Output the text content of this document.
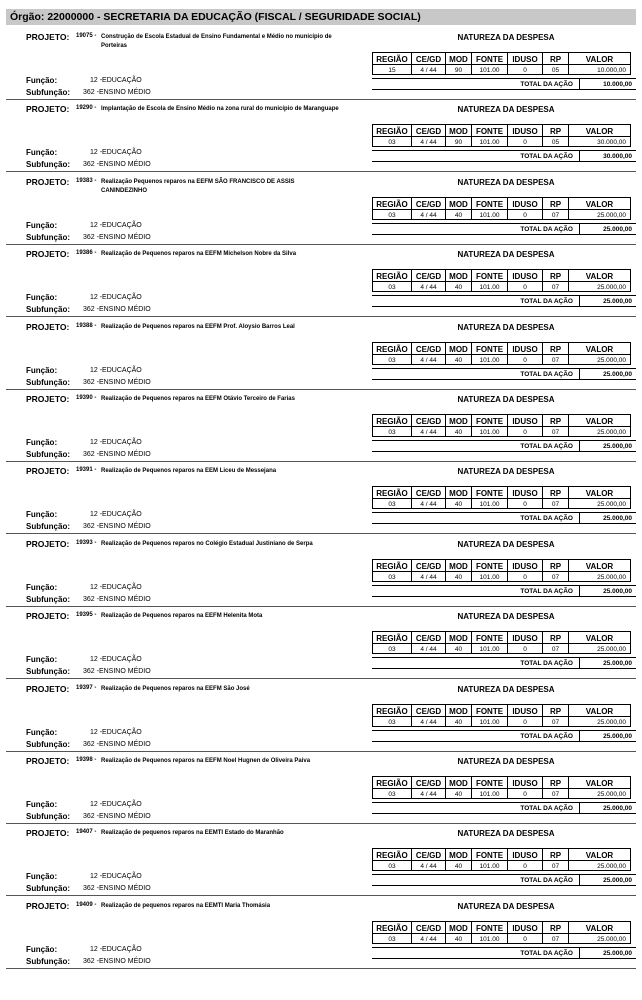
Órgão: 22000000 - SECRETARIA DA EDUCAÇÃO (FISCAL / SEGURIDADE SOCIAL)
PROJETO: 19075 - Construção de Escola Estadual de Ensino Fundamental e Médio no município de Porteiras
Função:	12 -EDUCAÇÃO
Subfunção: 362 -ENSINO MÉDIO
NATUREZA DA DESPESA
REGIÃO	CE/GD MOD	FONTE	IDUSO	RP	VALOR
15	4 / 44	90	101.00	0	05	10.000,00
TOTAL DA AÇÃO	10.000,00
PROJETO: 19290 - Implantação de Escola de Ensino Médio na zona rural do município de Maranguape
Função:	12 -EDUCAÇÃO
Subfunção: 362 -ENSINO MÉDIO
NATUREZA DA DESPESA
REGIÃO	CE/GD MOD	FONTE	IDUSO	RP	VALOR
03	4 / 44	90	101.00	0	05	30.000,00
TOTAL DA AÇÃO	30.000,00
PROJETO: 19383 - Realização Pequenos reparos na EEFM SÃO FRANCISCO DE ASSIS CANINDEZINHO
Função:	12 -EDUCAÇÃO
Subfunção: 362 -ENSINO MÉDIO
NATUREZA DA DESPESA
REGIÃO	CE/GD MOD	FONTE	IDUSO	RP	VALOR
03	4 / 44	40	101.00	0	07	25.000,00
TOTAL DA AÇÃO	25.000,00
PROJETO: 19386 - Realização de Pequenos reparos na EEFM Michelson Nobre da Silva
Função:	12 -EDUCAÇÃO
Subfunção: 362 -ENSINO MÉDIO
NATUREZA DA DESPESA
REGIÃO	CE/GD MOD	FONTE	IDUSO	RP	VALOR
03	4 / 44	40	101.00	0	07	25.000,00
TOTAL DA AÇÃO	25.000,00
PROJETO: 19388 - Realização de Pequenos reparos na EEFM Prof. Aloysio Barros Leal
Função:	12 -EDUCAÇÃO
Subfunção: 362 -ENSINO MÉDIO
NATUREZA DA DESPESA
REGIÃO	CE/GD MOD	FONTE	IDUSO	RP	VALOR
03	4 / 44	40	101.00	0	07	25.000,00
TOTAL DA AÇÃO	25.000,00
PROJETO: 19390 - Realização de Pequenos reparos na EEFM Otávio Terceiro de Farias
Função:	12 -EDUCAÇÃO
Subfunção: 362 -ENSINO MÉDIO
NATUREZA DA DESPESA
REGIÃO	CE/GD MOD	FONTE	IDUSO	RP	VALOR
03	4 / 44	40	101.00	0	07	25.000,00
TOTAL DA AÇÃO	25.000,00
PROJETO: 19391 - Realização de Pequenos reparos na EEM Liceu de Messejana
Função:	12 -EDUCAÇÃO
Subfunção: 362 -ENSINO MÉDIO
NATUREZA DA DESPESA
REGIÃO	CE/GD MOD	FONTE	IDUSO	RP	VALOR
03	4 / 44	40	101.00	0	07	25.000,00
TOTAL DA AÇÃO	25.000,00
PROJETO: 19393 - Realização de Pequenos reparos no Colégio Estadual Justiniano de Serpa
Função:	12 -EDUCAÇÃO
Subfunção: 362 -ENSINO MÉDIO
NATUREZA DA DESPESA
REGIÃO	CE/GD MOD	FONTE	IDUSO	RP	VALOR
03	4 / 44	40	101.00	0	07	25.000,00
TOTAL DA AÇÃO	25.000,00
PROJETO: 19395 - Realização de Pequenos reparos na EEFM Helenita Mota
Função:	12 -EDUCAÇÃO
Subfunção: 362 -ENSINO MÉDIO
NATUREZA DA DESPESA
REGIÃO	CE/GD MOD	FONTE	IDUSO	RP	VALOR
03	4 / 44	40	101.00	0	07	25.000,00
TOTAL DA AÇÃO	25.000,00
PROJETO: 19397 - Realização de Pequenos reparos na EEFM São José
Função:	12 -EDUCAÇÃO
Subfunção: 362 -ENSINO MÉDIO
NATUREZA DA DESPESA
REGIÃO	CE/GD MOD	FONTE	IDUSO	RP	VALOR
03	4 / 44	40	101.00	0	07	25.000,00
TOTAL DA AÇÃO	25.000,00
PROJETO: 19398 - Realização de Pequenos reparos na EEFM Noel Hugnen de Oliveira Paiva
Função:	12 -EDUCAÇÃO
Subfunção: 362 -ENSINO MÉDIO
NATUREZA DA DESPESA
REGIÃO	CE/GD MOD	FONTE	IDUSO	RP	VALOR
03	4 / 44	40	101.00	0	07	25.000,00
TOTAL DA AÇÃO	25.000,00
PROJETO: 19407 - Realização de pequenos reparos na EEMTI Estado do Maranhão
Função:	12 -EDUCAÇÃO
Subfunção: 362 -ENSINO MÉDIO
NATUREZA DA DESPESA
REGIÃO	CE/GD MOD	FONTE	IDUSO	RP	VALOR
03	4 / 44	40	101.00	0	07	25.000,00
TOTAL DA AÇÃO	25.000,00
PROJETO: 19409 - Realização de pequenos reparos na EEMTI Maria Thomásia
Função:	12 -EDUCAÇÃO
Subfunção: 362 -ENSINO MÉDIO
NATUREZA DA DESPESA
REGIÃO	CE/GD MOD	FONTE	IDUSO	RP	VALOR
03	4 / 44	40	101.00	0	07	25.000,00
TOTAL DA AÇÃO	25.000,00
